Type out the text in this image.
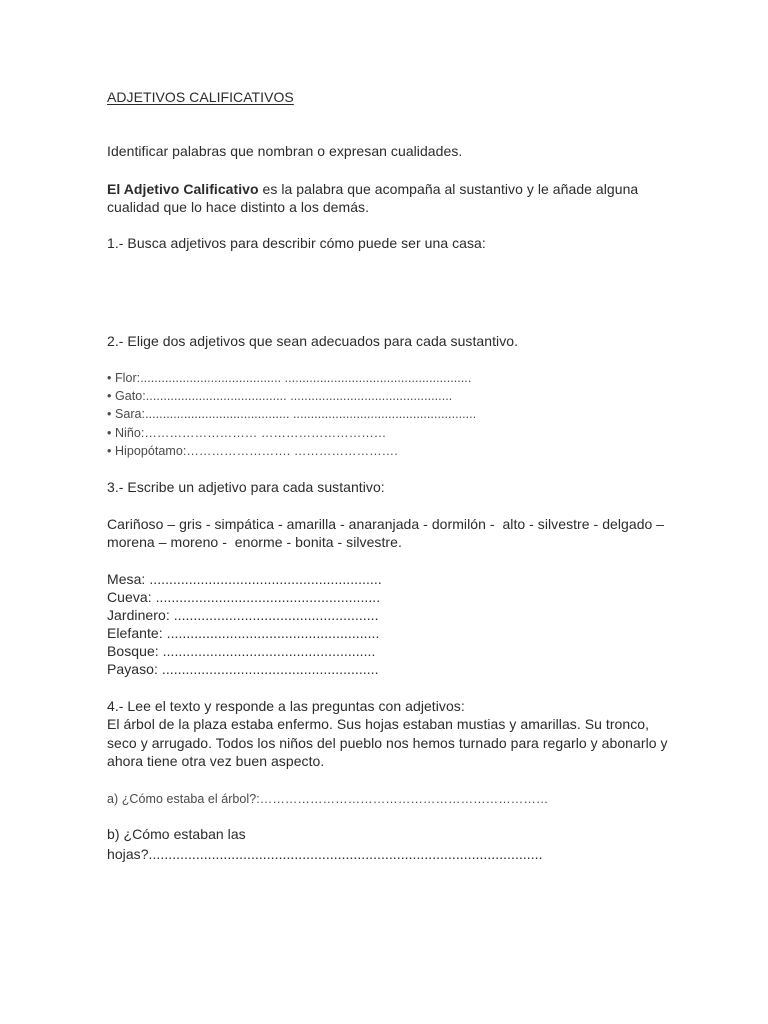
ADJETIVOS CALIFICATIVOS
Identificar palabras que nombran o expresan cualidades.
El Adjetivo Calificativo es la palabra que acompaña al sustantivo y le añade alguna
cualidad que lo hace distinto a los demás.
1.- Busca adjetivos para describir cómo puede ser una casa:
2.- Elige dos adjetivos que sean adecuados para cada sustantivo.
• Flor:........................................ .....................................................
• Gato:........................................ ..............................................
• Sara:......................................... ....................................................
• Niño:……………………… …………………………
• Hipopótamo:……………………. …………………….
3.- Escribe un adjetivo para cada sustantivo:
Cariñoso – gris - simpática - amarilla - anaranjada - dormilón -  alto - silvestre - delgado –
morena – moreno -  enorme - bonita - silvestre.
Mesa: ...........................................................
Cueva: .........................................................
Jardinero: ....................................................
Elefante: ......................................................
Bosque: ......................................................
Payaso: .......................................................
4.- Lee el texto y responde a las preguntas con adjetivos:
El árbol de la plaza estaba enfermo. Sus hojas estaban mustias y amarillas. Su tronco,
seco y arrugado. Todos los niños del pueblo nos hemos turnado para regarlo y abonarlo y
ahora tiene otra vez buen aspecto.
a) ¿Cómo estaba el árbol?:……………………………………………………………
b) ¿Cómo estaban las
hojas?....................................................................................................
